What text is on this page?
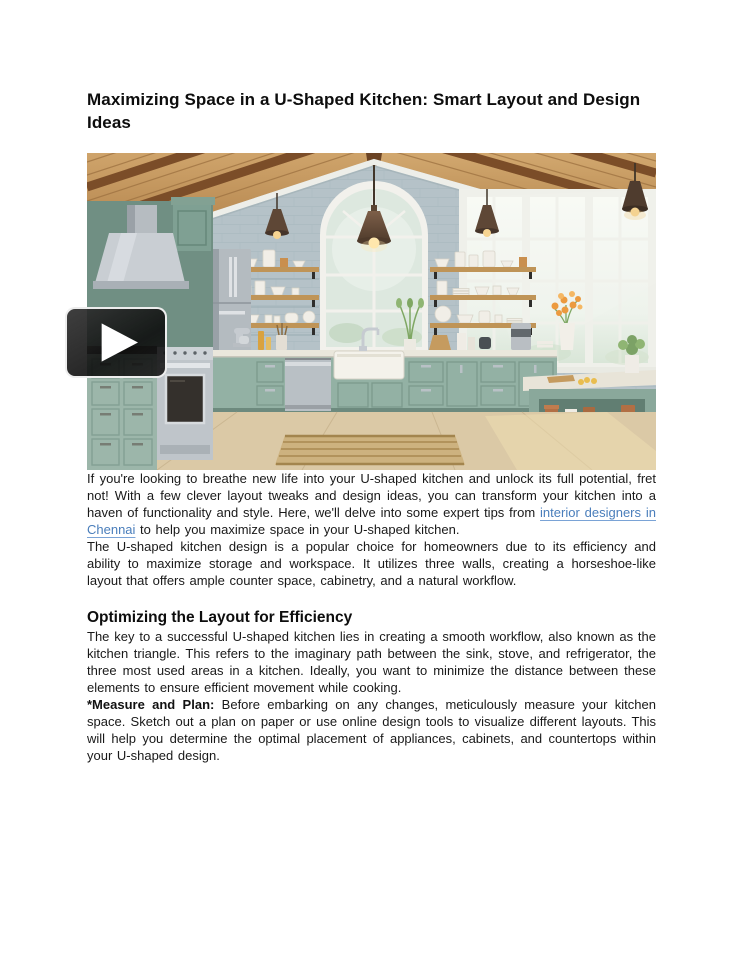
Maximizing Space in a U-Shaped Kitchen: Smart Layout and Design Ideas

If you're looking to breathe new life into your U-shaped kitchen and unlock its full potential, fret not! With a few clever layout tweaks and design ideas, you can transform your kitchen into a haven of functionality and style. Here, we'll delve into some expert tips from interior designers in Chennai to help you maximize space in your U-shaped kitchen.

The U-shaped kitchen design is a popular choice for homeowners due to its efficiency and ability to maximize storage and workspace. It utilizes three walls, creating a horseshoe-like layout that offers ample counter space, cabinetry, and a natural workflow.

Optimizing the Layout for Efficiency

The key to a successful U-shaped kitchen lies in creating a smooth workflow, also known as the kitchen triangle. This refers to the imaginary path between the sink, stove, and refrigerator, the three most used areas in a kitchen. Ideally, you want to minimize the distance between these elements to ensure efficient movement while cooking.

*Measure and Plan: Before embarking on any changes, meticulously measure your kitchen space. Sketch out a plan on paper or use online design tools to visualize different layouts. This will help you determine the optimal placement of appliances, cabinets, and countertops within your U-shaped design.
